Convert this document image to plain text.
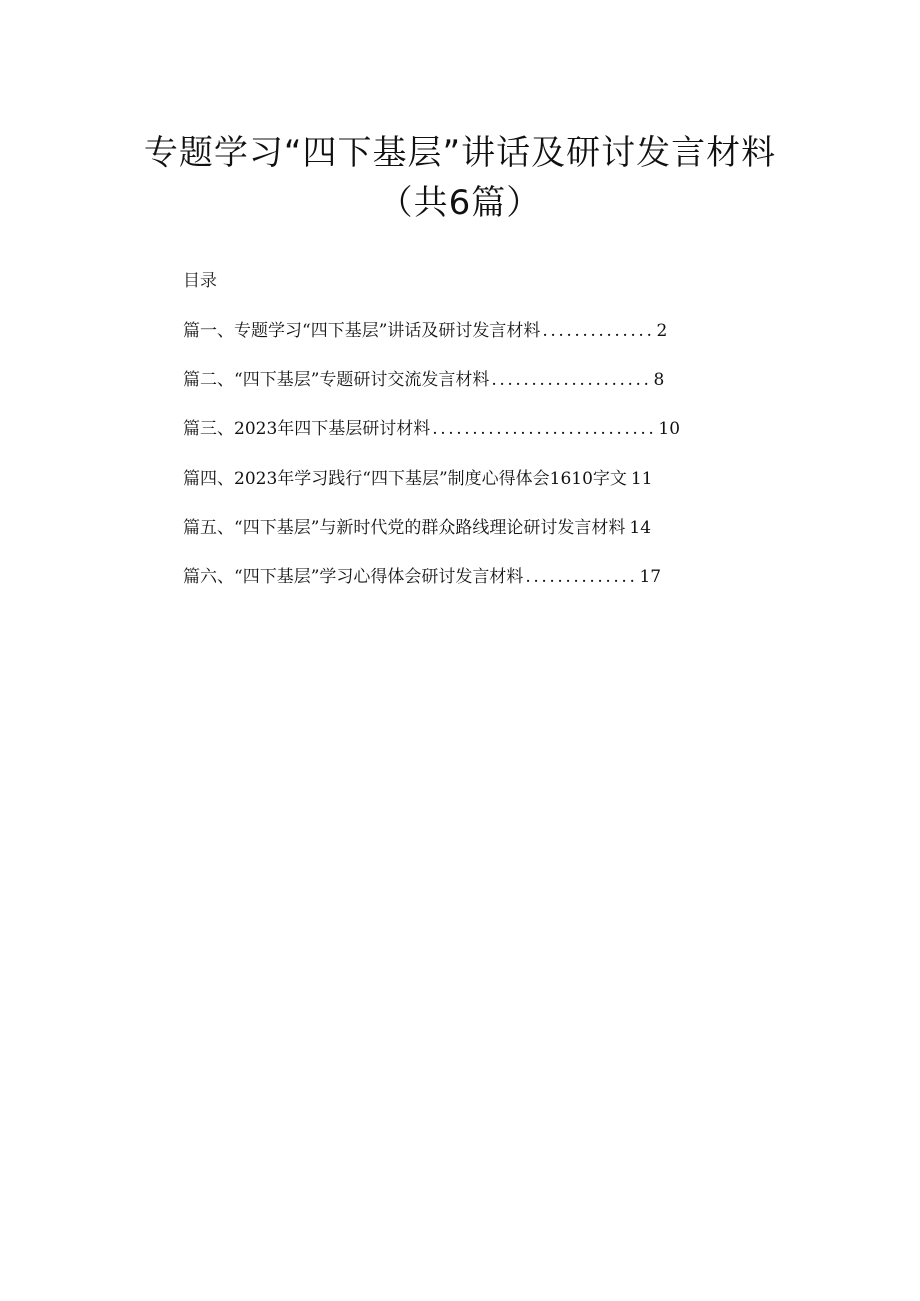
专题学习“四下基层”讲话及研讨发言材料
（共6篇）
目录
篇一、专题学习“四下基层”讲话及研讨发言材料 .............. 2
篇二、“四下基层”专题研讨交流发言材料 .................... 8
篇三、2023年四下基层研讨材料 ............................ 10
篇四、2023年学习践行“四下基层”制度心得体会1610字文 11
篇五、“四下基层”与新时代党的群众路线理论研讨发言材料 14
篇六、“四下基层”学习心得体会研讨发言材料 .............. 17
